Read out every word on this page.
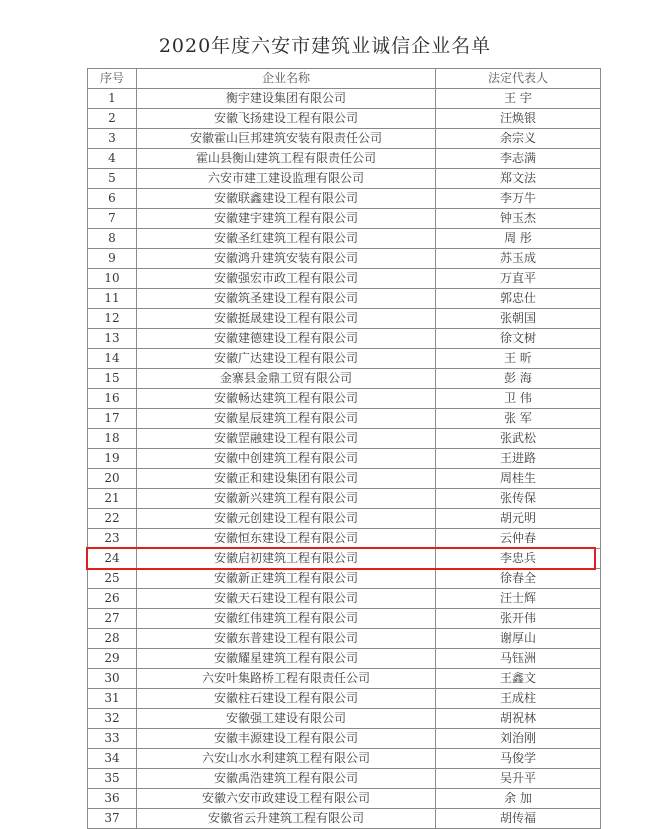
2020年度六安市建筑业诚信企业名单
序号	企业名称	法定代表人
1	衡宇建设集团有限公司	王 宇
2	安徽飞扬建设工程有限公司	汪焕银
3	安徽霍山巨邦建筑安装有限责任公司	余宗义
4	霍山县衡山建筑工程有限责任公司	李志满
5	六安市建工建设监理有限公司	郑文法
6	安徽联鑫建设工程有限公司	李万牛
7	安徽建宇建筑工程有限公司	钟玉杰
8	安徽圣红建筑工程有限公司	周 彤
9	安徽鸿升建筑安装有限公司	苏玉成
10	安徽强宏市政工程有限公司	万直平
11	安徽筑圣建设工程有限公司	郭忠仕
12	安徽挺晟建设工程有限公司	张朝国
13	安徽建德建设工程有限公司	徐文树
14	安徽广达建设工程有限公司	王 昕
15	金寨县金鼎工贸有限公司	彭 海
16	安徽畅达建筑工程有限公司	卫 伟
17	安徽星辰建筑工程有限公司	张 军
18	安徽罡融建设工程有限公司	张武松
19	安徽中创建筑工程有限公司	王进路
20	安徽正和建设集团有限公司	周桂生
21	安徽新兴建筑工程有限公司	张传保
22	安徽元创建设工程有限公司	胡元明
23	安徽恒东建设工程有限公司	云仲春
24	安徽启初建筑工程有限公司	李忠兵
25	安徽新正建筑工程有限公司	徐春全
26	安徽天石建设工程有限公司	汪士辉
27	安徽红伟建筑工程有限公司	张开伟
28	安徽东普建设工程有限公司	谢厚山
29	安徽耀星建筑工程有限公司	马钰洲
30	六安叶集路桥工程有限责任公司	王鑫文
31	安徽柱石建设工程有限公司	王成柱
32	安徽强工建设有限公司	胡祝林
33	安徽丰源建设工程有限公司	刘治刚
34	六安山水水利建筑工程有限公司	马俊学
35	安徽禹浩建筑工程有限公司	吴升平
36	安徽六安市政建设工程有限公司	余 加
37	安徽省云升建筑工程有限公司	胡传福
